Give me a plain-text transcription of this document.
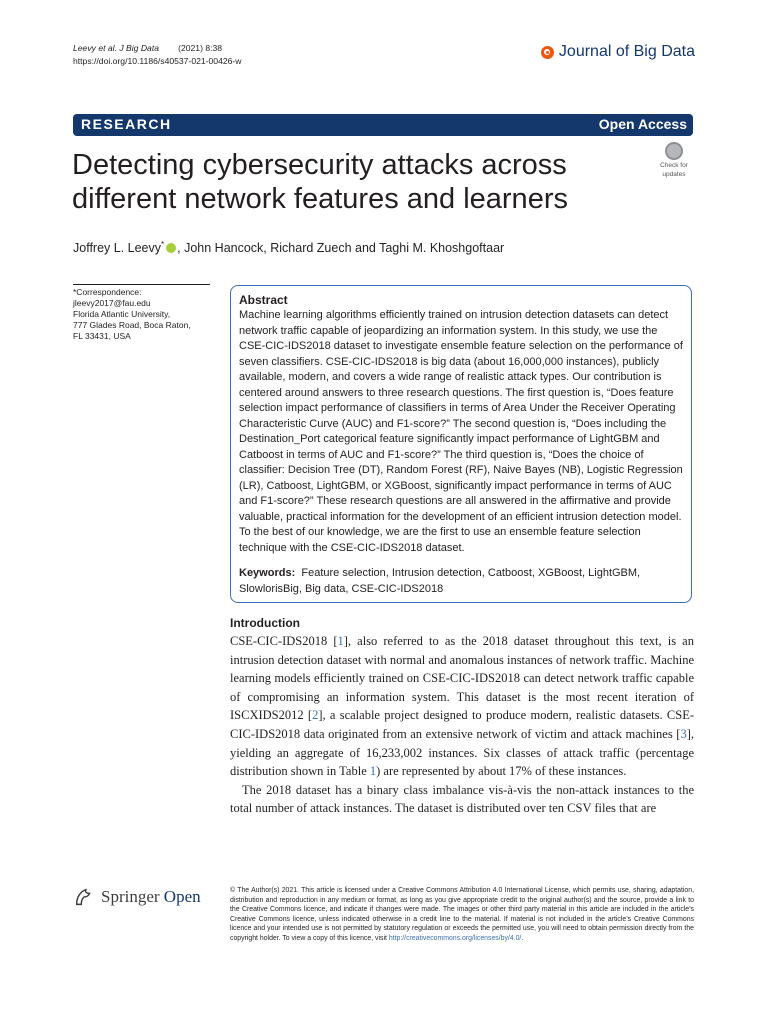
Leevy et al. J Big Data (2021) 8:38
https://doi.org/10.1186/s40537-021-00426-w
Journal of Big Data
RESEARCH	Open Access
Detecting cybersecurity attacks across different network features and learners
Check for
updates
Joffrey L. Leevy* , John Hancock, Richard Zuech and Taghi M. Khoshgoftaar
*Correspondence:
jleevy2017@fau.edu
Florida Atlantic University,
777 Glades Road, Boca Raton,
FL 33431, USA
Abstract
Machine learning algorithms efficiently trained on intrusion detection datasets can detect network traffic capable of jeopardizing an information system. In this study, we use the CSE-CIC-IDS2018 dataset to investigate ensemble feature selection on the performance of seven classifiers. CSE-CIC-IDS2018 is big data (about 16,000,000 instances), publicly available, modern, and covers a wide range of realistic attack types. Our contribution is centered around answers to three research questions. The first question is, “Does feature selection impact performance of classifiers in terms of Area Under the Receiver Operating Characteristic Curve (AUC) and F1-score?” The second question is, “Does including the Destination_Port categorical feature significantly impact performance of LightGBM and Catboost in terms of AUC and F1-score?” The third question is, “Does the choice of classifier: Decision Tree (DT), Random Forest (RF), Naive Bayes (NB), Logistic Regression (LR), Catboost, LightGBM, or XGBoost, significantly impact performance in terms of AUC and F1-score?” These research questions are all answered in the affirmative and provide valuable, practical information for the development of an efficient intrusion detection model. To the best of our knowledge, we are the first to use an ensemble feature selection technique with the CSE-CIC-IDS2018 dataset.
Keywords: Feature selection, Intrusion detection, Catboost, XGBoost, LightGBM, SlowlorisBig, Big data, CSE-CIC-IDS2018
Introduction

CSE-CIC-IDS2018 [1], also referred to as the 2018 dataset throughout this text, is an intrusion detection dataset with normal and anomalous instances of network traffic. Machine learning models efficiently trained on CSE-CIC-IDS2018 can detect network traffic capable of compromising an information system. This dataset is the most recent iteration of ISCXIDS2012 [2], a scalable project designed to produce modern, realistic datasets. CSE-CIC-IDS2018 data originated from an extensive network of victim and attack machines [3], yielding an aggregate of 16,233,002 instances. Six classes of attack traffic (percentage distribution shown in Table 1) are represented by about 17% of these instances.

The 2018 dataset has a binary class imbalance vis-à-vis the non-attack instances to the total number of attack instances. The dataset is distributed over ten CSV files that are

Springer Open	© The Author(s) 2021. This article is licensed under a Creative Commons Attribution 4.0 International License, which permits use, sharing, adaptation, distribution and reproduction in any medium or format, as long as you give appropriate credit to the original author(s) and the source, provide a link to the Creative Commons licence, and indicate if changes were made. The images or other third party material in this article are included in the article’s Creative Commons licence, unless indicated otherwise in a credit line to the material. If material is not included in the article’s Creative Commons licence and your intended use is not permitted by statutory regulation or exceeds the permitted use, you will need to obtain permission directly from the copyright holder. To view a copy of this licence, visit http://creativecommons.org/licenses/by/4.0/.
